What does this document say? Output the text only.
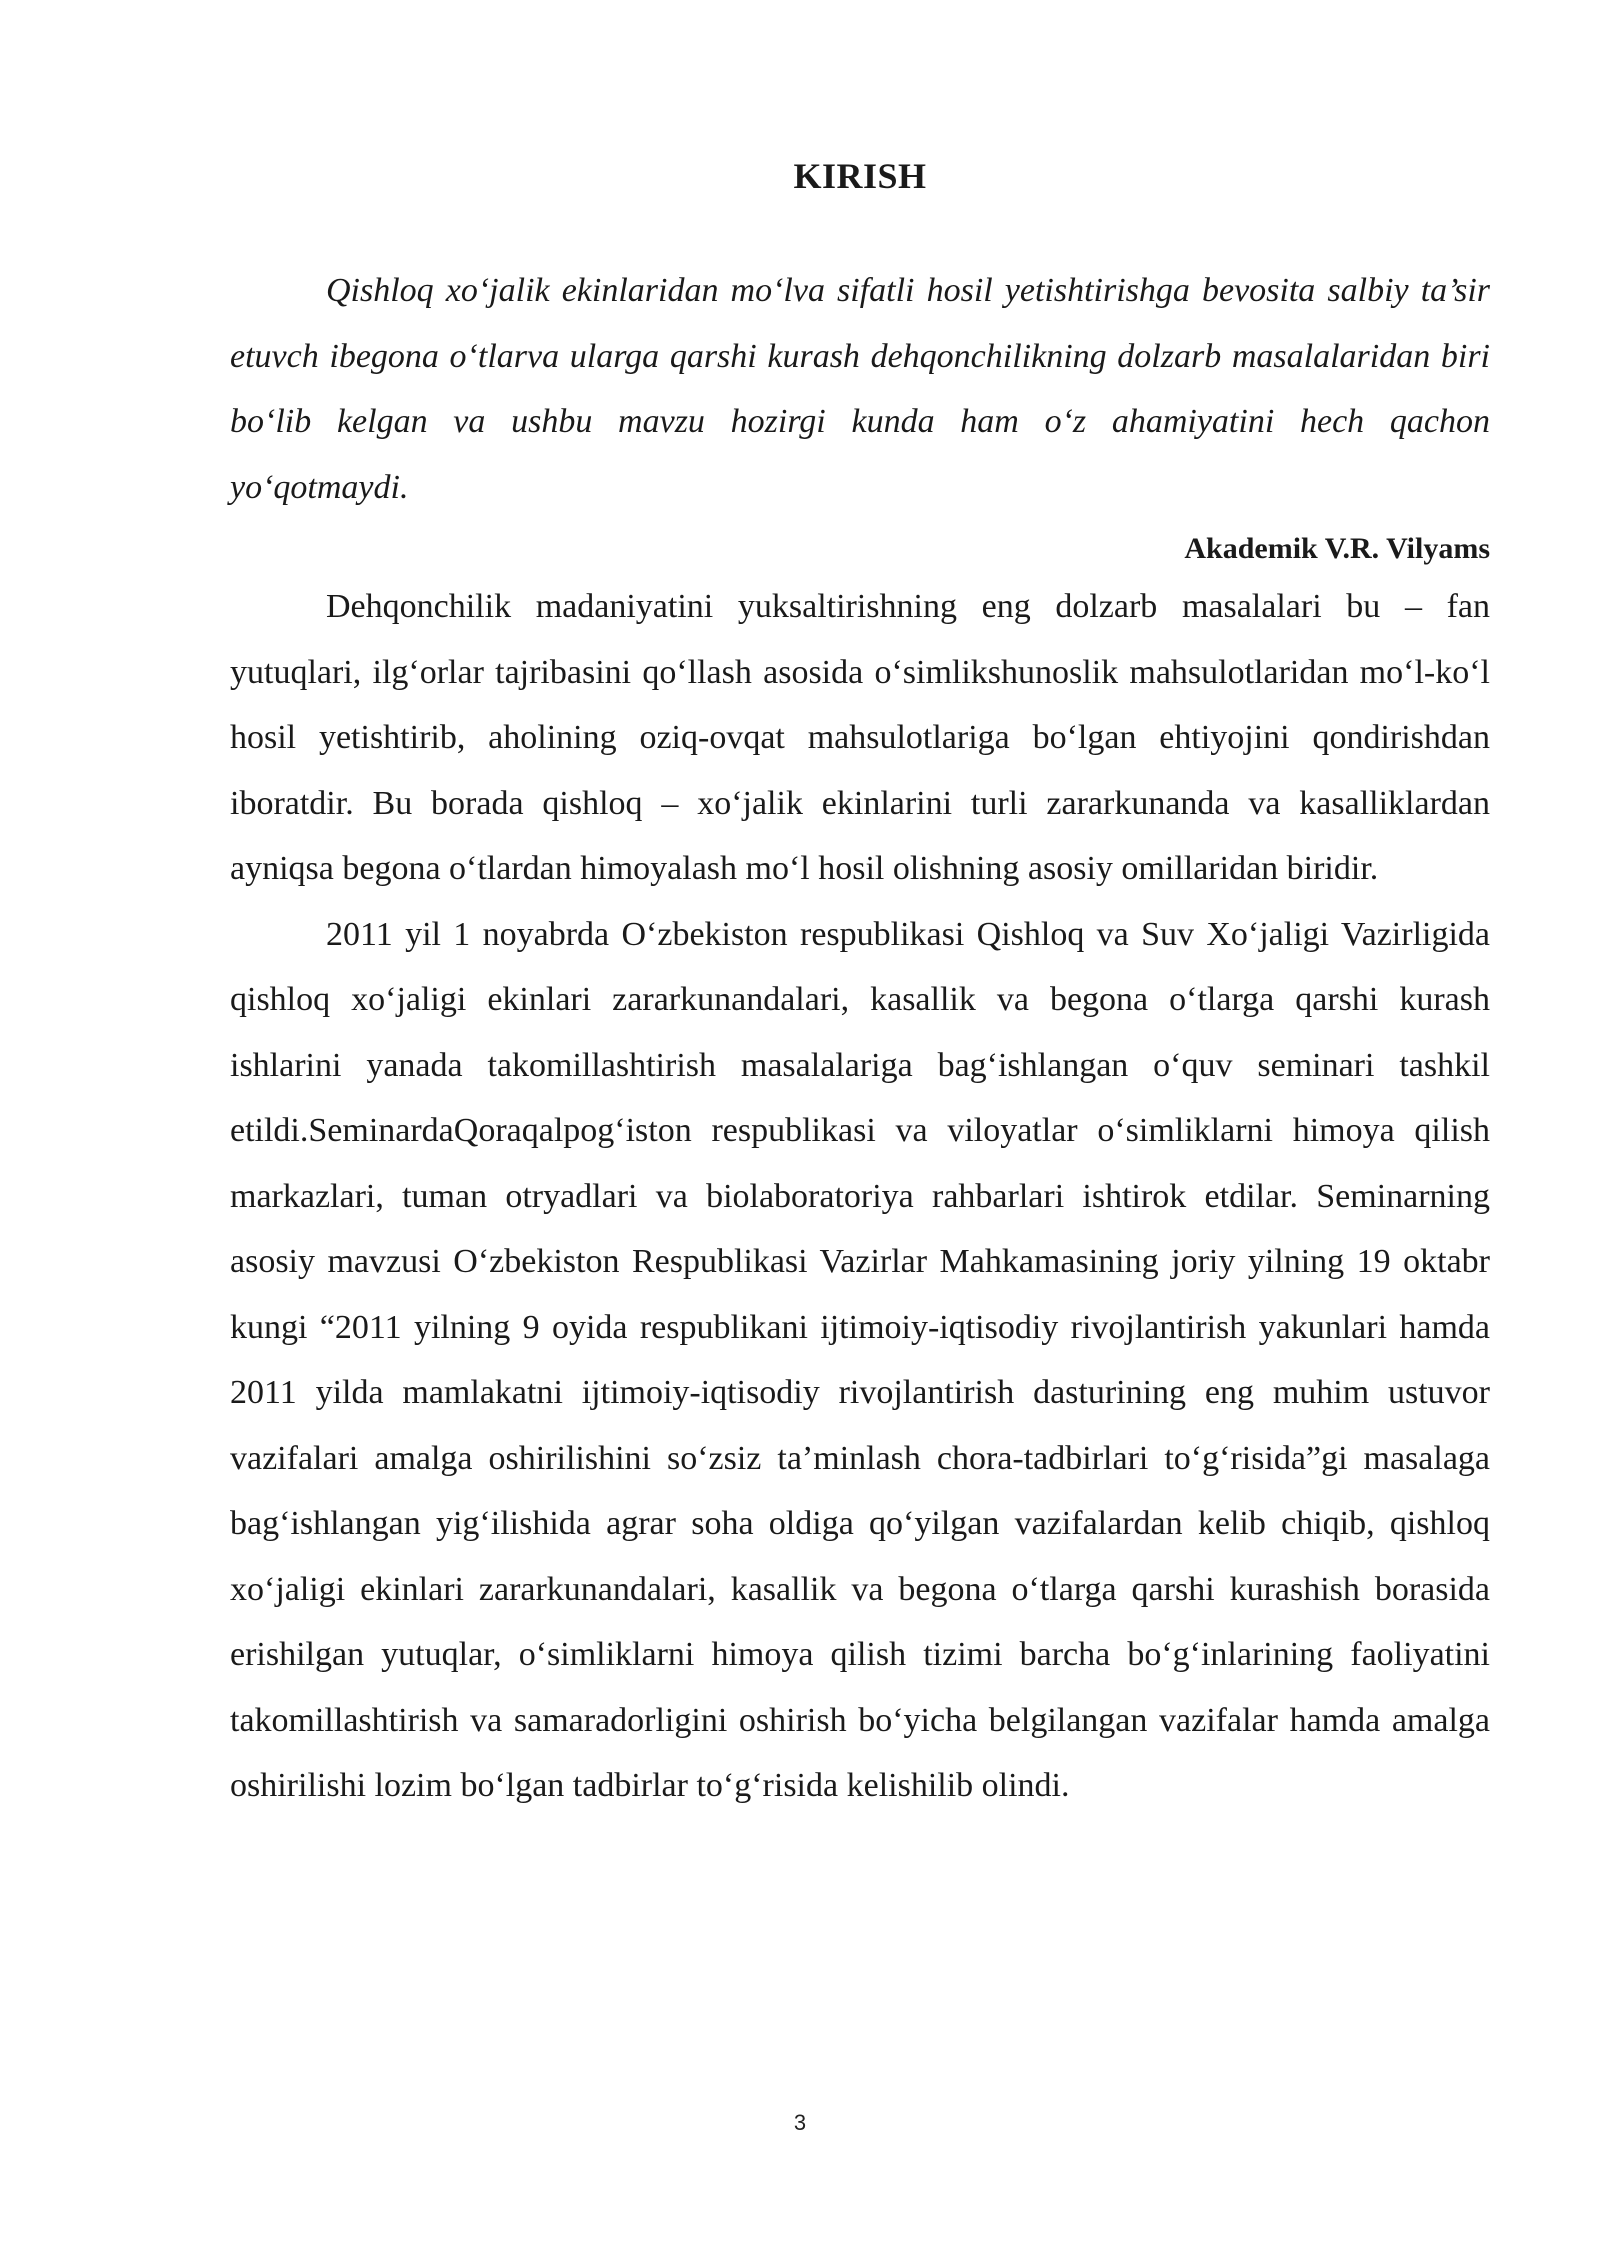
KIRISH

Qishloq xo‘jalik ekinlaridan mo‘lva sifatli hosil yetishtirishga bevosita salbiy ta’sir etuvch ibegona o‘tlarva ularga qarshi kurash dehqonchilikning dolzarb masalalaridan biri bo‘lib kelgan va ushbu mavzu hozirgi kunda ham o‘z ahamiyatini hech qachon yo‘qotmaydi.

Akademik V.R. Vilyams

Dehqonchilik madaniyatini yuksaltirishning eng dolzarb masalalari bu – fan yutuqlari, ilg‘orlar tajribasini qo‘llash asosida o‘simlikshunoslik mahsulotlaridan mo‘l-ko‘l hosil yetishtirib, aholining oziq-ovqat mahsulotlariga bo‘lgan ehtiyojini qondirishdan iboratdir. Bu borada qishloq – xo‘jalik ekinlarini turli zararkunanda va kasalliklardan ayniqsa begona o‘tlardan himoyalash mo‘l hosil olishning asosiy omillaridan biridir.

2011 yil 1 noyabrda O‘zbekiston respublikasi Qishloq va Suv Xo‘jaligi Vazirligida qishloq xo‘jaligi ekinlari zararkunandalari, kasallik va begona o‘tlarga qarshi kurash ishlarini yanada takomillashtirish masalalariga bag‘ishlangan o‘quv seminari tashkil etildi.SeminardaQoraqalpog‘iston respublikasi va viloyatlar o‘simliklarni himoya qilish markazlari, tuman otryadlari va biolaboratoriya rahbarlari ishtirok etdilar. Seminarning asosiy mavzusi O‘zbekiston Respublikasi Vazirlar Mahkamasining joriy yilning 19 oktabr kungi “2011 yilning 9 oyida respublikani ijtimoiy-iqtisodiy rivojlantirish yakunlari hamda 2011 yilda mamlakatni ijtimoiy-iqtisodiy rivojlantirish dasturining eng muhim ustuvor vazifalari amalga oshirilishini so‘zsiz ta’minlash chora-tadbirlari to‘g‘risida”gi masalaga bag‘ishlangan yig‘ilishida agrar soha oldiga qo‘yilgan vazifalardan kelib chiqib, qishloq xo‘jaligi ekinlari zararkunandalari, kasallik va begona o‘tlarga qarshi kurashish borasida erishilgan yutuqlar, o‘simliklarni himoya qilish tizimi barcha bo‘g‘inlarining faoliyatini takomillashtirish va samaradorligini oshirish bo‘yicha belgilangan vazifalar hamda amalga oshirilishi lozim bo‘lgan tadbirlar to‘g‘risida kelishilib olindi.

3
